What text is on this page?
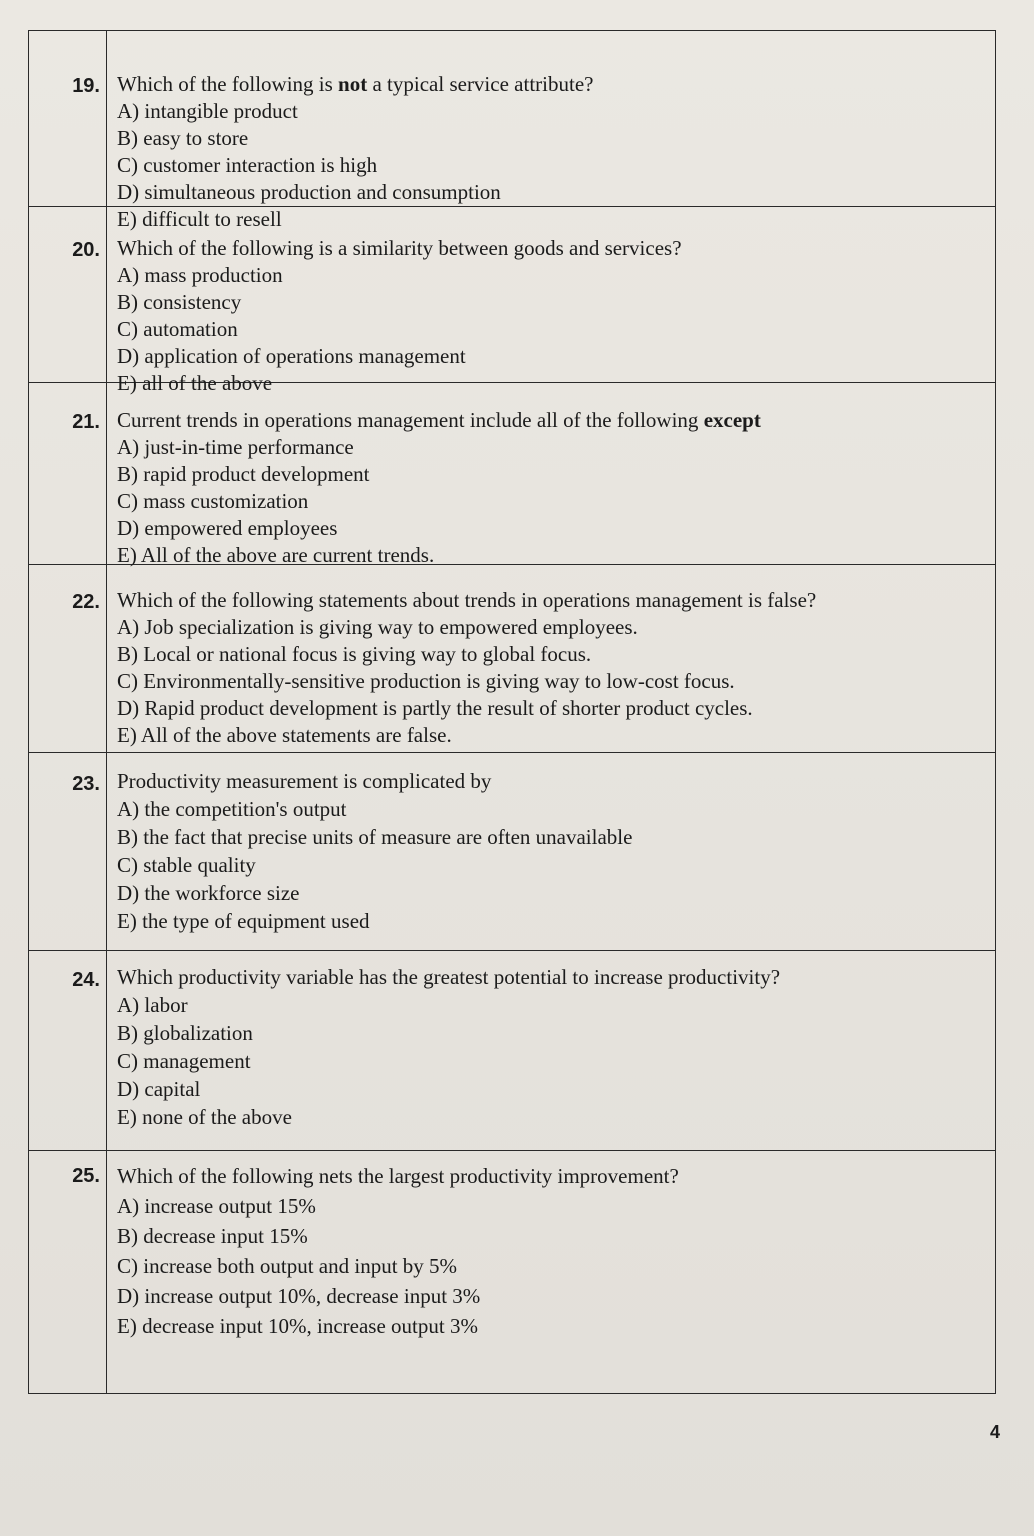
19. Which of the following is not a typical service attribute?
A) intangible product
B) easy to store
C) customer interaction is high
D) simultaneous production and consumption
E) difficult to resell
20. Which of the following is a similarity between goods and services?
A) mass production
B) consistency
C) automation
D) application of operations management
E) all of the above
21. Current trends in operations management include all of the following except
A) just-in-time performance
B) rapid product development
C) mass customization
D) empowered employees
E) All of the above are current trends.
22. Which of the following statements about trends in operations management is false?
A) Job specialization is giving way to empowered employees.
B) Local or national focus is giving way to global focus.
C) Environmentally-sensitive production is giving way to low-cost focus.
D) Rapid product development is partly the result of shorter product cycles.
E) All of the above statements are false.
23. Productivity measurement is complicated by
A) the competition's output
B) the fact that precise units of measure are often unavailable
C) stable quality
D) the workforce size
E) the type of equipment used
24. Which productivity variable has the greatest potential to increase productivity?
A) labor
B) globalization
C) management
D) capital
E) none of the above
25. Which of the following nets the largest productivity improvement?
A) increase output 15%
B) decrease input 15%
C) increase both output and input by 5%
D) increase output 10%, decrease input 3%
E) decrease input 10%, increase output 3%
4
